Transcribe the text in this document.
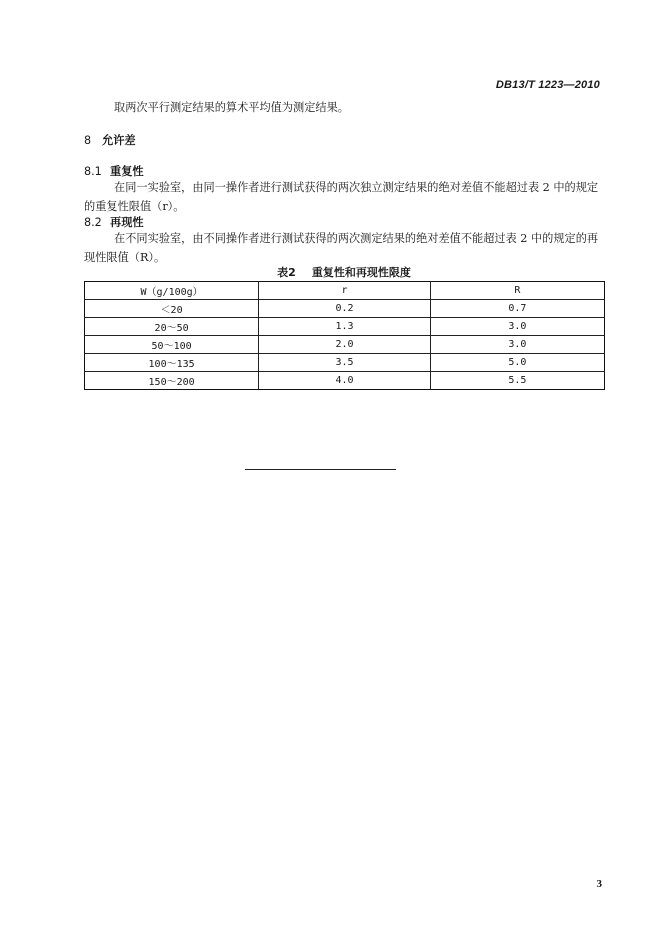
DB13/T 1223—2010
取两次平行测定结果的算术平均值为测定结果。
8 允许差
8.1 重复性
在同一实验室，由同一操作者进行测试获得的两次独立测定结果的绝对差值不能超过表 2 中的规定的重复性限值（r）。
8.2 再现性
在不同实验室，由不同操作者进行测试获得的两次测定结果的绝对差值不能超过表 2 中的规定的再现性限值（R）。
表2 重复性和再现性限度
W（g/100g）	r	R
＜20	0.2	0.7
20～50	1.3	3.0
50～100	2.0	3.0
100～135	3.5	5.0
150～200	4.0	5.5
3
